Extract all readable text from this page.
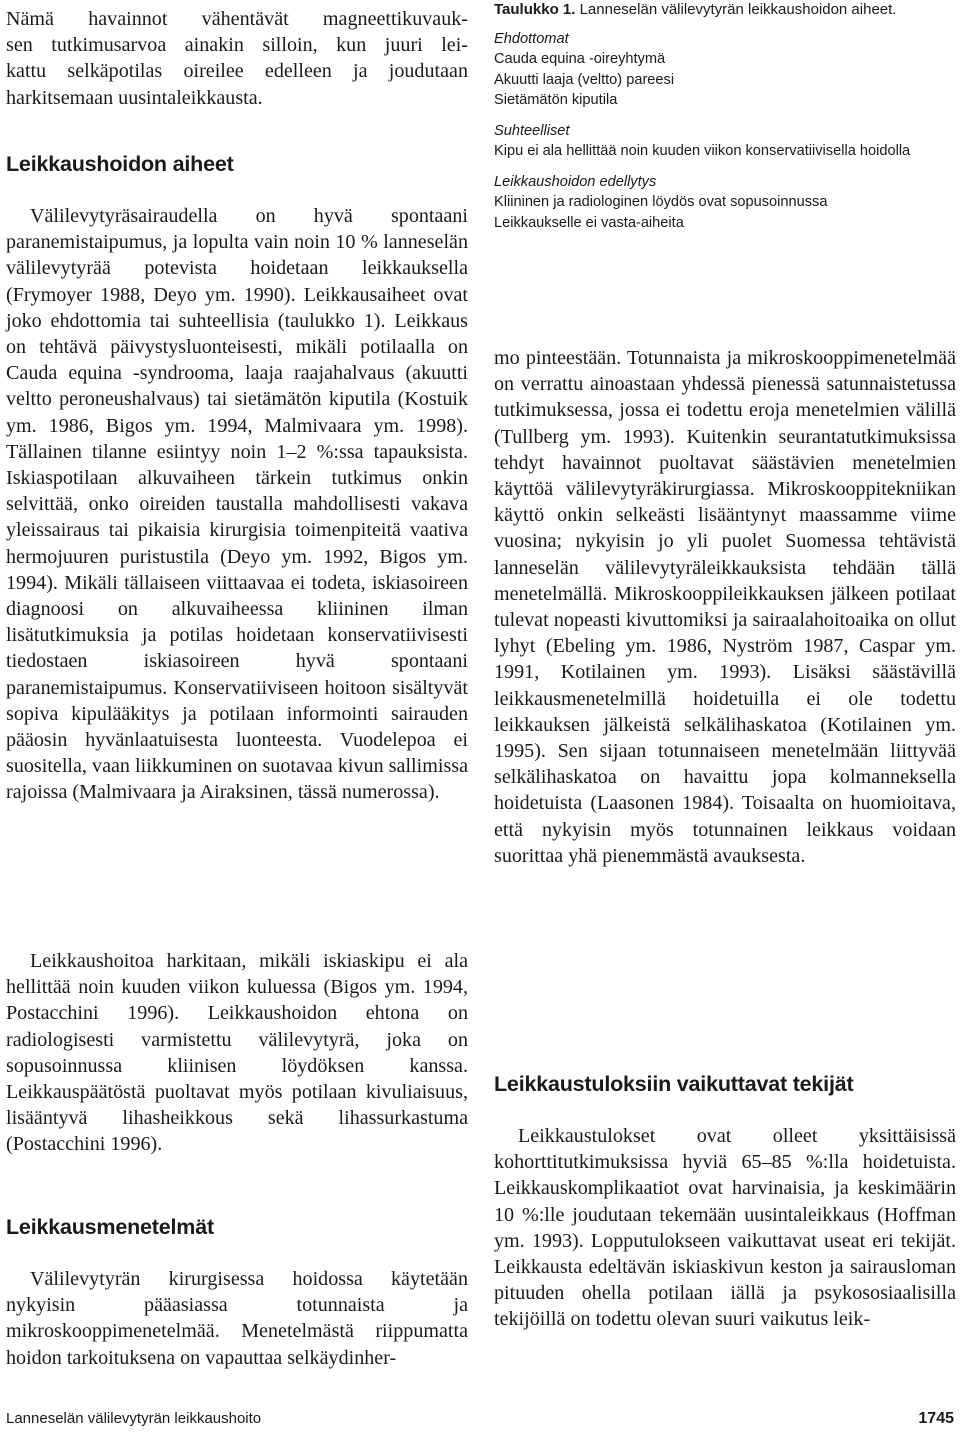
Nämä havainnot vähentävät magneettikuvauk-
sen tutkimusarvoa ainakin silloin, kun juuri lei-
kattu selkäpotilas oireilee edelleen ja joudutaan
harkitsemaan uusintaleikkausta.
Leikkaushoidon aiheet

Välilevytyräsairaudella on hyvä spontaani paranemistaipumus, ja lopulta vain noin 10 % lanneselän välilevytyrää potevista hoidetaan leikkauksella (Frymoyer 1988, Deyo ym. 1990). Leikkausaiheet ovat joko ehdottomia tai suhteellisia (taulukko 1). Leikkaus on tehtävä päivystysluonteisesti, mikäli potilaalla on Cauda equina -syndrooma, laaja raajahalvaus (akuutti veltto peroneushalvaus) tai sietämätön kiputila (Kostuik ym. 1986, Bigos ym. 1994, Malmivaara ym. 1998). Tällainen tilanne esiintyy noin 1–2 %:ssa tapauksista. Iskiaspotilaan alkuvaiheen tärkein tutkimus onkin selvittää, onko oireiden taustalla mahdollisesti vakava yleissairaus tai pikaisia kirurgisia toimenpiteitä vaativa hermojuuren puristustila (Deyo ym. 1992, Bigos ym. 1994). Mikäli tällaiseen viittaavaa ei todeta, iskiasoireen diagnoosi on alkuvaiheessa kliininen ilman lisätutkimuksia ja potilas hoidetaan konservatiivisesti tiedostaen iskiasoireen hyvä spontaani paranemistaipumus. Konservatiiviseen hoitoon sisältyvät sopiva kipulääkitys ja potilaan informointi sairauden pääosin hyvänlaatuisesta luonteesta. Vuodelepoa ei suositella, vaan liikkuminen on suotavaa kivun sallimissa rajoissa (Malmivaara ja Airaksinen, tässä numerossa).

Leikkaushoitoa harkitaan, mikäli iskiaskipu ei ala hellittää noin kuuden viikon kuluessa (Bigos ym. 1994, Postacchini 1996). Leikkaushoidon ehtona on radiologisesti varmistettu välilevytyrä, joka on sopusoinnussa kliinisen löydöksen kanssa. Leikkauspäätöstä puoltavat myös potilaan kivuliaisuus, lisääntyvä lihasheikkous sekä lihassurkastuma (Postacchini 1996).

Leikkausmenetelmät

Välilevytyrän kirurgisessa hoidossa käytetään nykyisin pääasiassa totunnaista ja mikroskooppimenetelmää. Menetelmästä riippumatta hoidon tarkoituksena on vapauttaa selkäydinher-

Taulukko 1. Lanneselän välilevytyrän leikkaushoidon aiheet.

Ehdottomat
Cauda equina -oireyhtymä
Akuutti laaja (veltto) pareesi
Sietämätön kiputila
Suhteelliset
Kipu ei ala hellittää noin kuuden viikon konservatiivisella hoidolla
Leikkaushoidon edellytys
Kliininen ja radiologinen löydös ovat sopusoinnussa
Leikkaukselle ei vasta-aiheita

mo pinteestään. Totunnaista ja mikroskooppimenetelmää on verrattu ainoastaan yhdessä pienessä satunnaistetussa tutkimuksessa, jossa ei todettu eroja menetelmien välillä (Tullberg ym. 1993). Kuitenkin seurantatutkimuksissa tehdyt havainnot puoltavat säästävien menetelmien käyttöä välilevytyräkirurgiassa. Mikroskooppitekniikan käyttö onkin selkeästi lisääntynyt maassamme viime vuosina; nykyisin jo yli puolet Suomessa tehtävistä lanneselän välilevytyräleikkauksista tehdään tällä menetelmällä. Mikroskooppileikkauksen jälkeen potilaat tulevat nopeasti kivuttomiksi ja sairaalahoitoaika on ollut lyhyt (Ebeling ym. 1986, Nyström 1987, Caspar ym. 1991, Kotilainen ym. 1993). Lisäksi säästävillä leikkausmenetelmillä hoidetuilla ei ole todettu leikkauksen jälkeistä selkälihaskatoa (Kotilainen ym. 1995). Sen sijaan totunnaiseen menetelmään liittyvää selkälihaskatoa on havaittu jopa kolmanneksella hoidetuista (Laasonen 1984). Toisaalta on huomioitava, että nykyisin myös totunnainen leikkaus voidaan suorittaa yhä pienemmästä avauksesta.

Leikkaustuloksiin vaikuttavat tekijät

Leikkaustulokset ovat olleet yksittäisissä kohorttitutkimuksissa hyviä 65–85 %:lla hoidetuista. Leikkauskomplikaatiot ovat harvinaisia, ja keskimäärin 10 %:lle joudutaan tekemään uusintaleikkaus (Hoffman ym. 1993). Lopputulokseen vaikuttavat useat eri tekijät. Leikkausta edeltävän iskiaskivun keston ja sairausloman pituuden ohella potilaan iällä ja psykososiaalisilla tekijöillä on todettu olevan suuri vaikutus leik-

Lanneselän välilevytyrän leikkaushoito	1745
